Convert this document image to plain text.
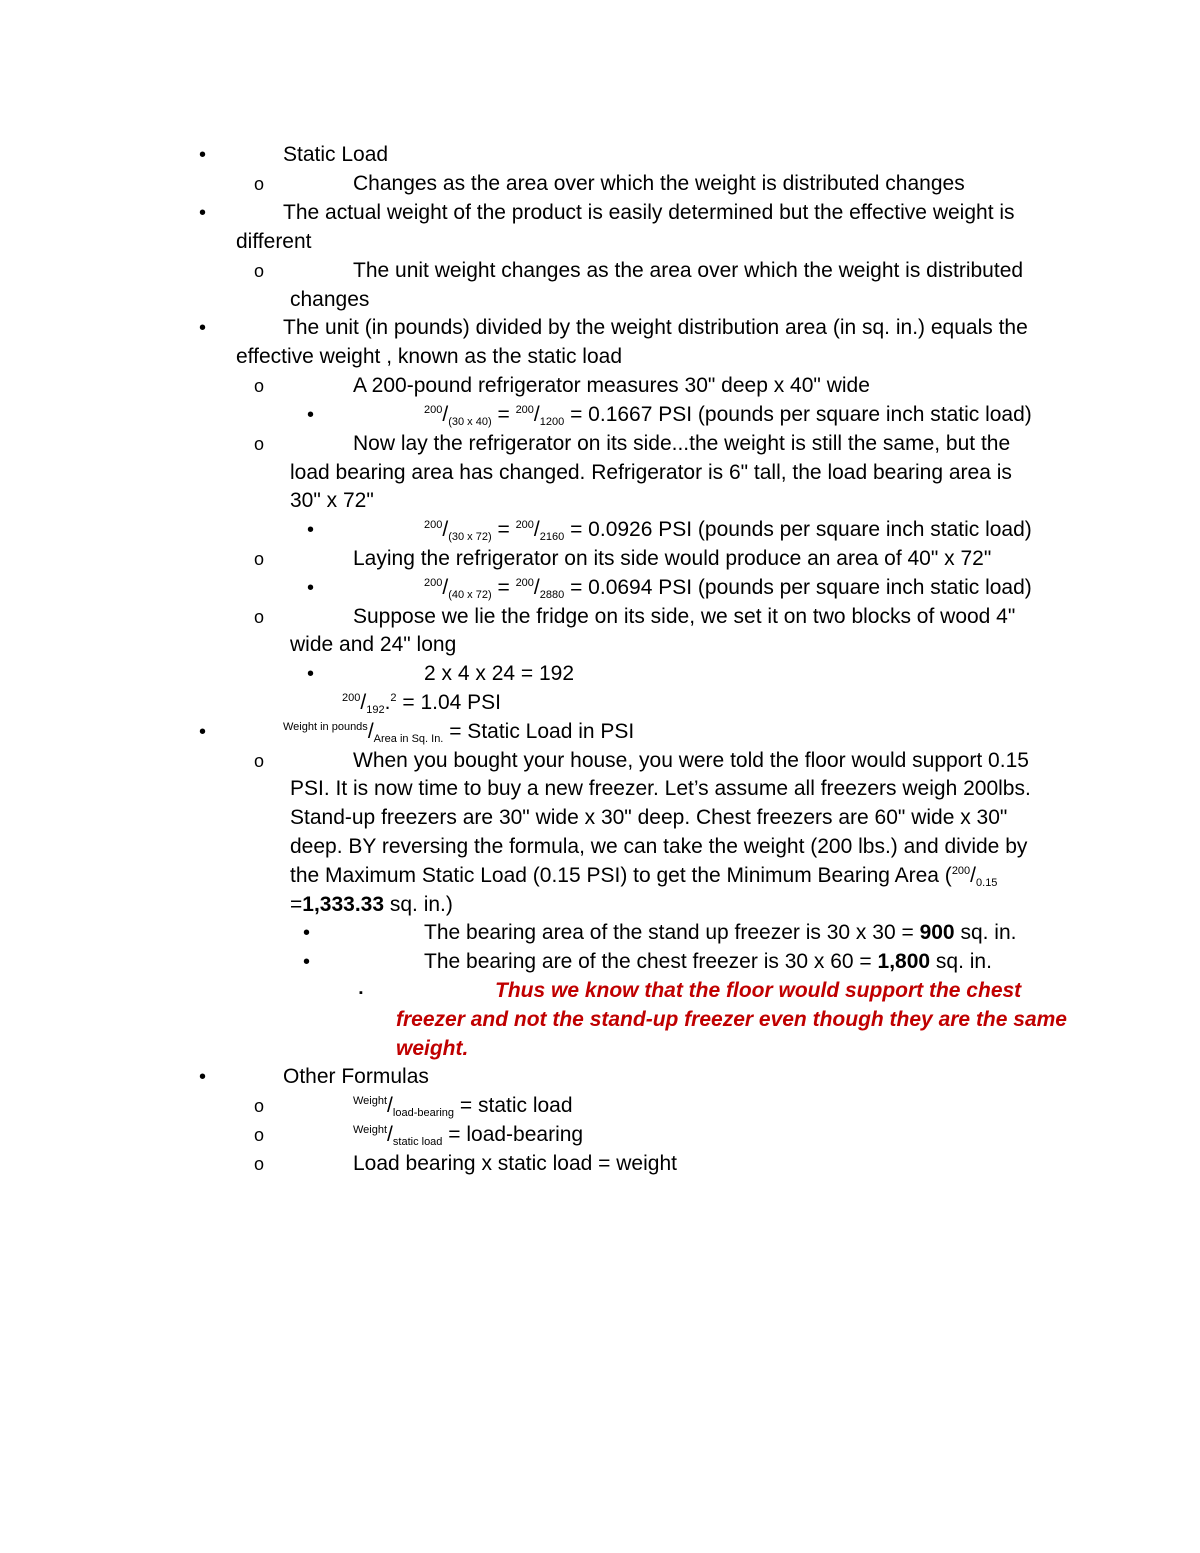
•	Static Load
o	Changes as the area over which the weight is distributed changes
•	The actual weight of the product is easily determined but the effective weight is
different
o	The unit weight changes as the area over which the weight is distributed
changes
•	The unit (in pounds) divided by the weight distribution area (in sq. in.) equals the
effective weight , known as the static load
o	A 200-pound refrigerator measures 30" deep x 40" wide
•	$^{200}/_{(30 x 40)} = ^{200}/_{1200} = 0.1667$ PSI (pounds per square inch static load)
o	Now lay the refrigerator on its side...the weight is still the same, but the
load bearing area has changed. Refrigerator is 6" tall, the load bearing area is
30" x 72"
•	$^{200}/_{(30 x 72)} = ^{200}/_{2160} = 0.0926$ PSI (pounds per square inch static load)
o	Laying the refrigerator on its side would produce an area of 40" x 72"
•	$^{200}/_{(40 x 72)} = ^{200}/_{2880} = 0.0694$ PSI (pounds per square inch static load)
o	Suppose we lie the fridge on its side, we set it on two blocks of wood 4"
wide and 24" long
•	2 x 4 x 24 = 192
$^{200}/_{192}.^2 = 1.04$ PSI
•	$^{Weight in pounds}/_{Area in Sq. In.}$ = Static Load in PSI
o	When you bought your house, you were told the floor would support 0.15
PSI. It is now time to buy a new freezer. Let’s assume all freezers weigh 200lbs.
Stand-up freezers are 30" wide x 30" deep. Chest freezers are 60" wide x 30"
deep. BY reversing the formula, we can take the weight (200 lbs.) and divide by
the Maximum Static Load (0.15 PSI) to get the Minimum Bearing Area ($^{200}/_{0.15}$
=1,333.33 sq. in.)
•	The bearing area of the stand up freezer is 30 x 30 = 900 sq. in.
•	The bearing are of the chest freezer is 30 x 60 = 1,800 sq. in.
▪	Thus we know that the floor would support the chest
freezer and not the stand-up freezer even though they are the same
weight.
•	Other Formulas
o	$^{Weight}/_{load-bearing}$ = static load
o	$^{Weight}/_{static load}$ = load-bearing
o	Load bearing x static load = weight
